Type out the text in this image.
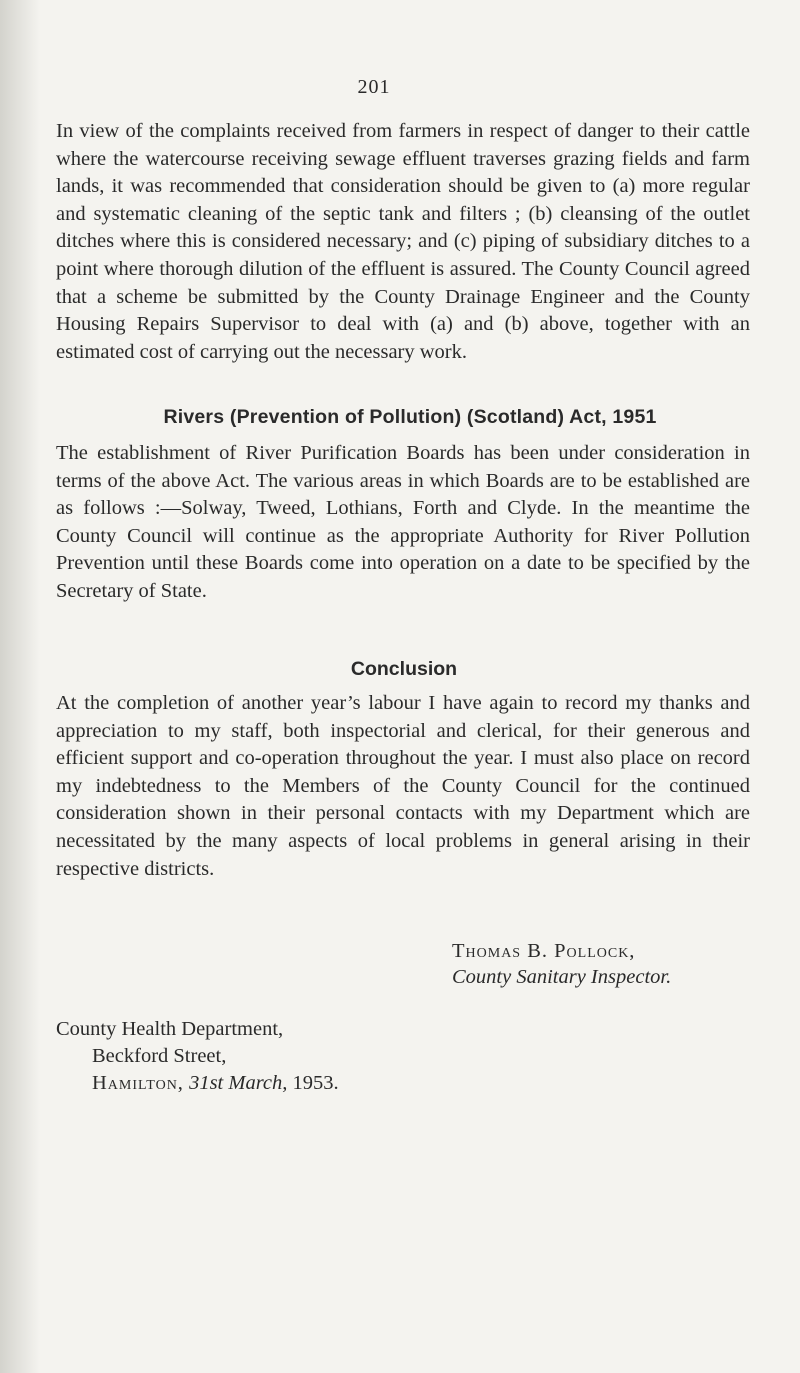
201

In view of the complaints received from farmers in respect of danger to their cattle where the watercourse receiving sewage effluent traverses grazing fields and farm lands, it was recommended that consideration should be given to (a) more regular and systematic cleaning of the septic tank and filters ; (b) cleansing of the outlet ditches where this is considered necessary; and (c) piping of subsidiary ditches to a point where thorough dilution of the effluent is assured. The County Council agreed that a scheme be submitted by the County Drainage Engineer and the County Housing Repairs Supervisor to deal with (a) and (b) above, together with an estimated cost of carrying out the necessary work.

Rivers (Prevention of Pollution) (Scotland) Act, 1951

The establishment of River Purification Boards has been under consideration in terms of the above Act. The various areas in which Boards are to be established are as follows :—Solway, Tweed, Lothians, Forth and Clyde. In the meantime the County Council will continue as the appropriate Authority for River Pollution Prevention until these Boards come into operation on a date to be specified by the Secretary of State.

Conclusion

At the completion of another year’s labour I have again to record my thanks and appreciation to my staff, both inspectorial and clerical, for their generous and efficient support and co-operation throughout the year. I must also place on record my indebtedness to the Members of the County Council for the continued consideration shown in their personal contacts with my Department which are necessitated by the many aspects of local problems in general arising in their respective districts.

Thomas B. Pollock,
County Sanitary Inspector.
County Health Department,
Beckford Street,
Hamilton, 31st March, 1953.
